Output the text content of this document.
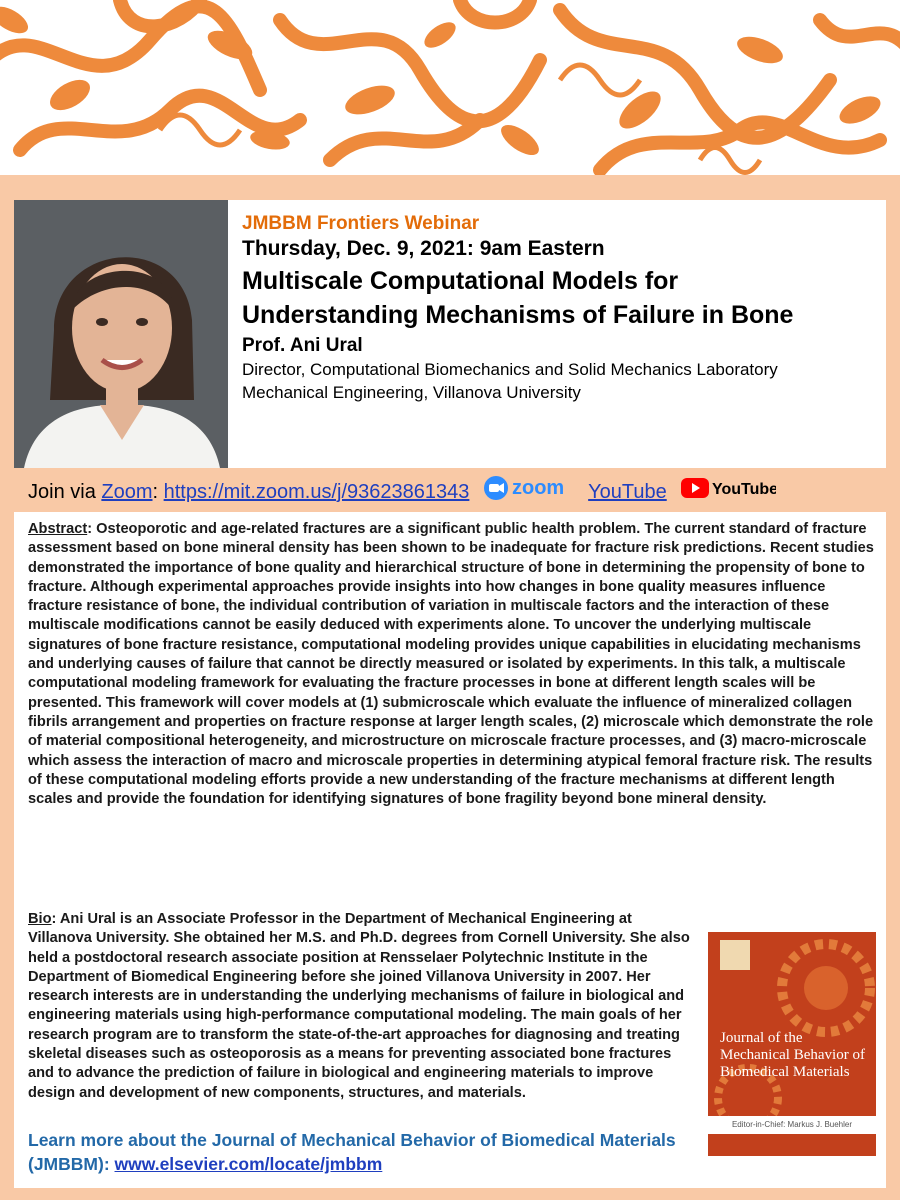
JMBBM Frontiers Webinar
Thursday, Dec. 9, 2021: 9am Eastern
Multiscale Computational Models for Understanding Mechanisms of Failure in Bone
Prof. Ani Ural
Director, Computational Biomechanics and Solid Mechanics Laboratory
Mechanical Engineering, Villanova University
Join via Zoom: https://mit.zoom.us/j/93623861343 zoom YouTube	YouTube
Abstract: Osteoporotic and age-related fractures are a significant public health problem. The current standard of fracture assessment based on bone mineral density has been shown to be inadequate for fracture risk predictions. Recent studies demonstrated the importance of bone quality and hierarchical structure of bone in determining the propensity of bone to fracture. Although experimental approaches provide insights into how changes in bone quality measures influence fracture resistance of bone, the individual contribution of variation in multiscale factors and the interaction of these multiscale modifications cannot be easily deduced with experiments alone. To uncover the underlying multiscale signatures of bone fracture resistance, computational modeling provides unique capabilities in elucidating mechanisms and underlying causes of failure that cannot be directly measured or isolated by experiments. In this talk, a multiscale computational modeling framework for evaluating the fracture processes in bone at different length scales will be presented. This framework will cover models at (1) submicroscale which evaluate the influence of mineralized collagen fibrils arrangement and properties on fracture response at larger length scales, (2) microscale which demonstrate the role of material compositional heterogeneity, and microstructure on microscale fracture processes, and (3) macro-microscale which assess the interaction of macro and microscale properties in determining atypical femoral fracture risk. The results of these computational modeling efforts provide a new understanding of the fracture mechanisms at different length scales and provide the foundation for identifying signatures of bone fragility beyond bone mineral density.
Journal of the Mechanical Behavior of Biomedical Materials
Editor-in-Chief: Markus J. Buehler
Bio: Ani Ural is an Associate Professor in the Department of Mechanical Engineering at Villanova University. She obtained her M.S. and Ph.D. degrees from Cornell University. She also held a postdoctoral research associate position at Rensselaer Polytechnic Institute in the Department of Biomedical Engineering before she joined Villanova University in 2007. Her research interests are in understanding the underlying mechanisms of failure in biological and engineering materials using high-performance computational modeling. The main goals of her research program are to transform the state-of-the-art approaches for diagnosing and treating skeletal diseases such as osteoporosis as a means for preventing associated bone fractures and to advance the prediction of failure in biological and engineering materials to improve design and development of new components, structures, and materials.
Learn more about the Journal of Mechanical Behavior of Biomedical Materials (JMBBM): www.elsevier.com/locate/jmbbm
